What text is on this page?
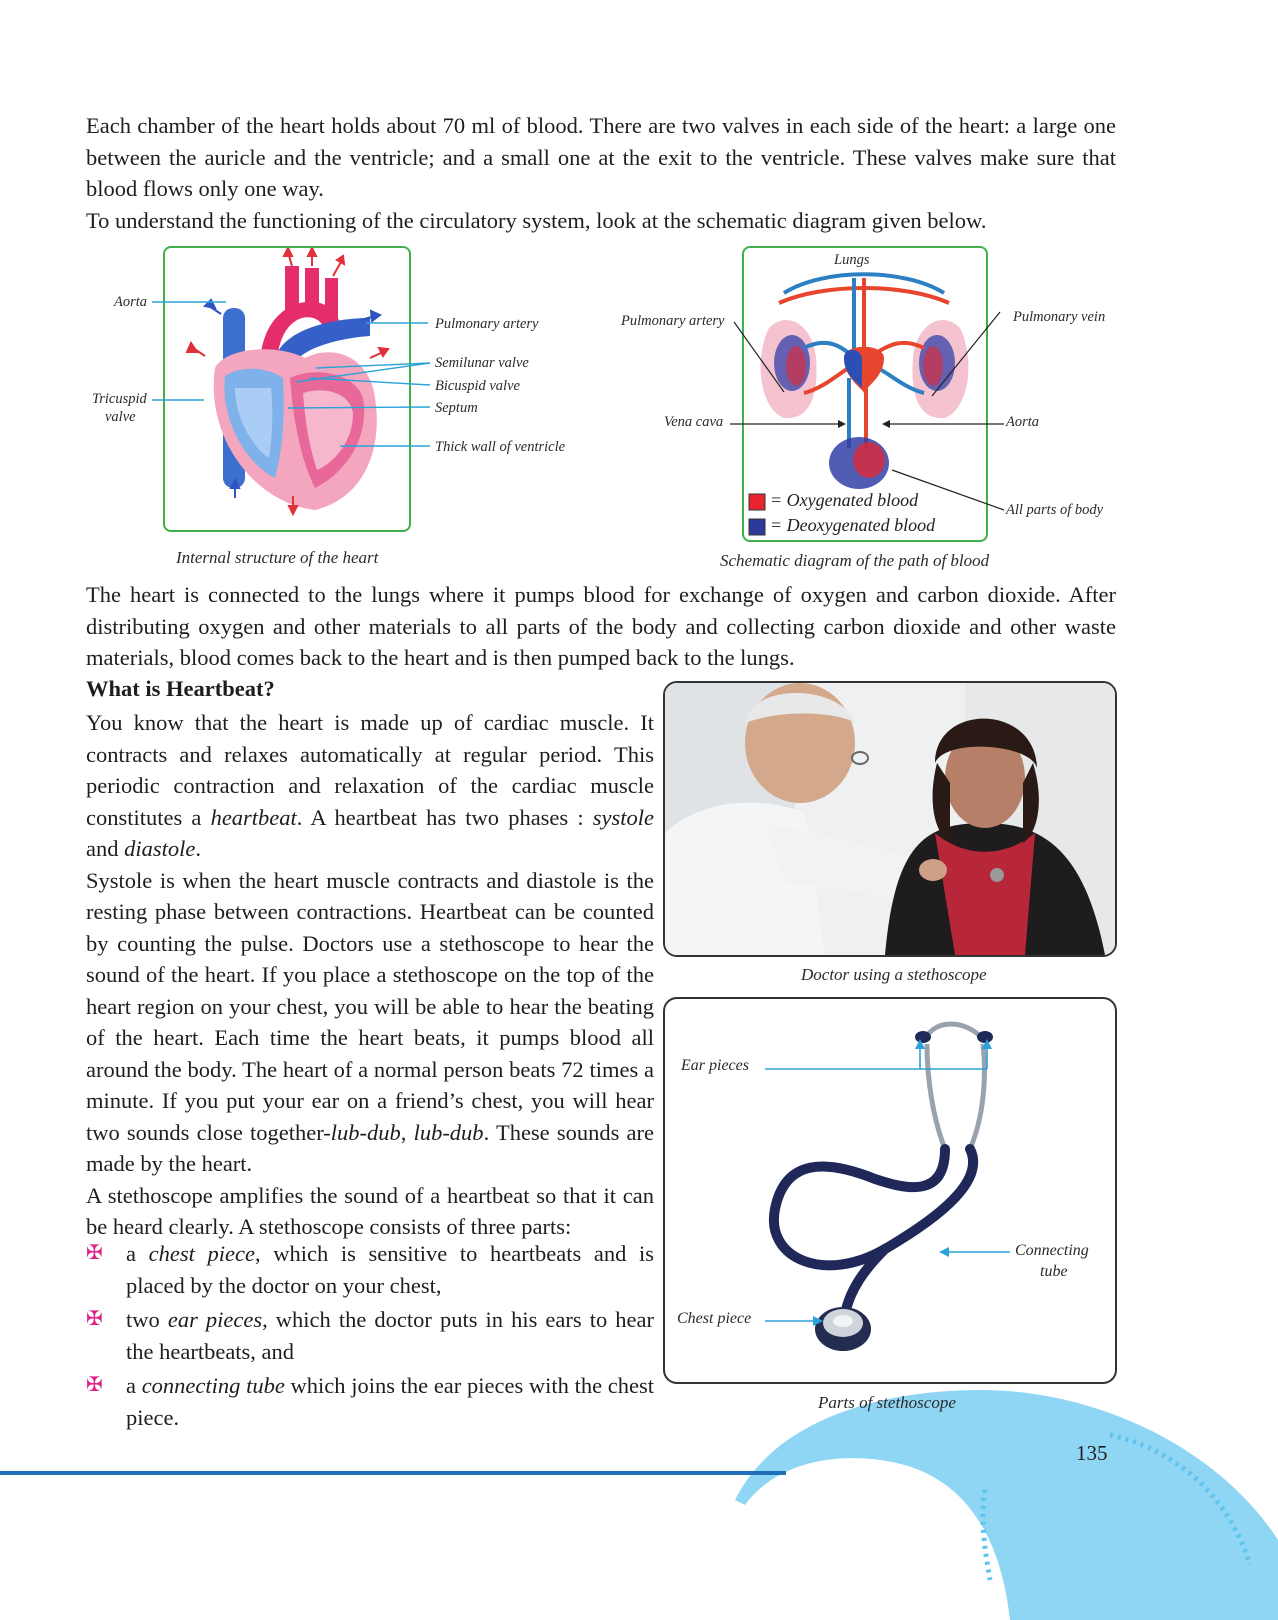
Each chamber of the heart holds about 70 ml of blood. There are two valves in each side of the heart: a large one between the auricle and the ventricle; and a small one at the exit to the ventricle. These valves make sure that blood flows only one way.

To understand the functioning of the circulatory system, look at the schematic diagram given below.

Aorta
Pulmonary artery
Semilunar valve
Bicuspid valve
Septum
Tricuspid
valve
Thick wall of ventricle
Internal structure of the heart
= Oxygenated blood
= Deoxygenated blood
Lungs
Pulmonary artery	Pulmonary vein
Vena cava	Aorta
All parts of body
Schematic diagram of the path of blood

The heart is connected to the lungs where it pumps blood for exchange of oxygen and carbon dioxide. After distributing oxygen and other materials to all parts of the body and collecting carbon dioxide and other waste materials, blood comes back to the heart and is then pumped back to the lungs.

What is Heartbeat?

You know that the heart is made up of cardiac muscle. It contracts and relaxes automatically at regular period. This periodic contraction and relaxation of the cardiac muscle constitutes a heartbeat. A heartbeat has two phases : systole and diastole.

Systole is when the heart muscle contracts and diastole is the resting phase between contractions. Heartbeat can be counted by counting the pulse. Doctors use a stethoscope to hear the sound of the heart. If you place a stethoscope on the top of the heart region on your chest, you will be able to hear the beating of the heart. Each time the heart beats, it pumps blood all around the body. The heart of a normal person beats 72 times a minute. If you put your ear on a friend’s chest, you will hear two sounds close together-lub-dub, lub-dub. These sounds are made by the heart.

A stethoscope amplifies the sound of a heartbeat so that it can be heard clearly. A stethoscope consists of three parts:

✠ a chest piece, which is sensitive to heartbeats and is placed by the doctor on your chest,
✠ two ear pieces, which the doctor puts in his ears to hear the heartbeats, and
✠ a connecting tube which joins the ear pieces with the chest piece.
Doctor using a stethoscope
Ear pieces
Connecting
tube
Chest piece
Parts of stethoscope
135
